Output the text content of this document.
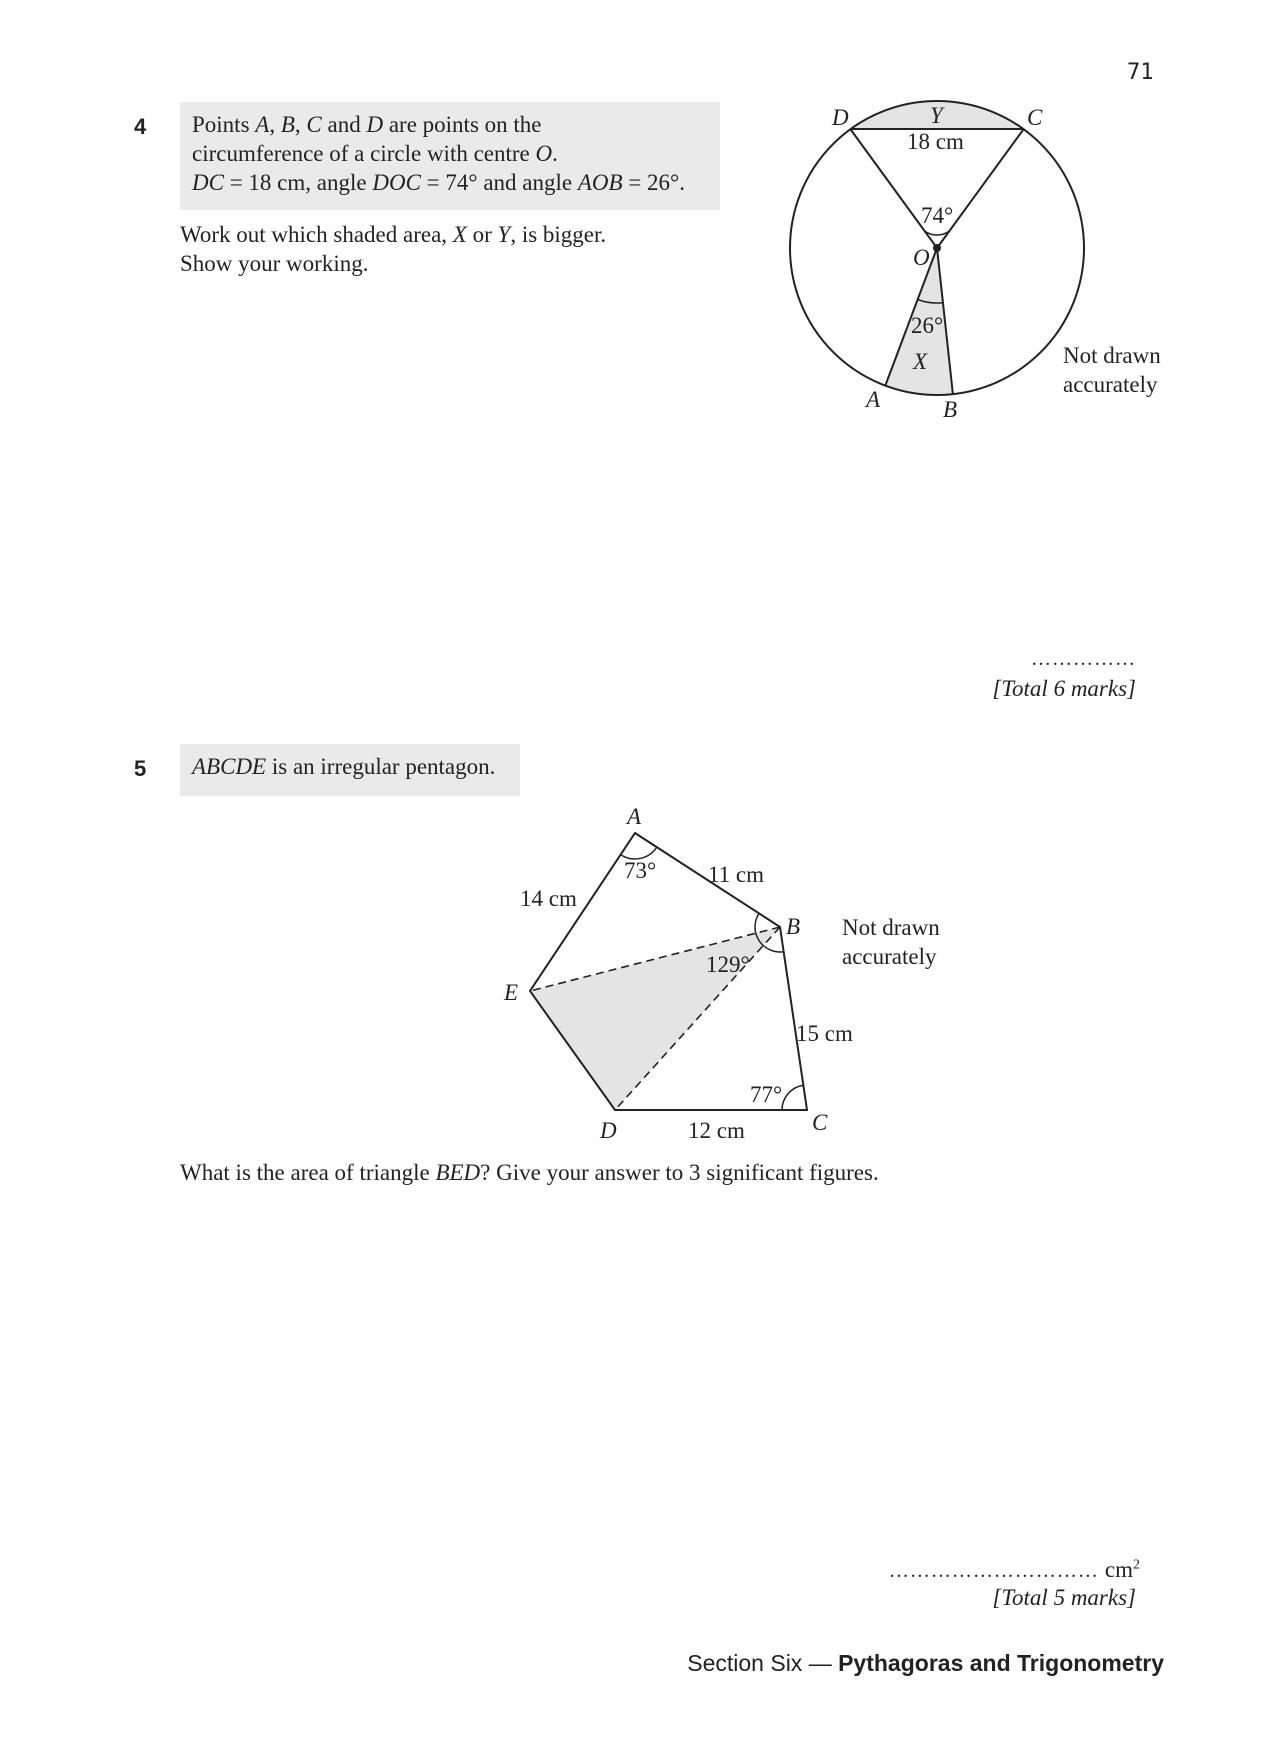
71
4 Points A, B, C and D are points on the
circumference of a circle with centre O.
DC = 18 cm, angle DOC = 74° and angle AOB = 26°.
Work out which shaded area, X or Y, is bigger.
Show your working.
D	C
Y
18 cm
74°
O
26°
X
A	B
Not drawn
accurately
……………
[Total 6 marks]
5	ABCDE is an irregular pentagon.
A
B
C
D
E
73°
129°
77°
14 cm
11 cm
15 cm
12 cm
Not drawn
accurately
What is the area of triangle BED? Give your answer to 3 significant figures.
………………………… $cm^2$
[Total 5 marks]
Section Six — Pythagoras and Trigonometry
